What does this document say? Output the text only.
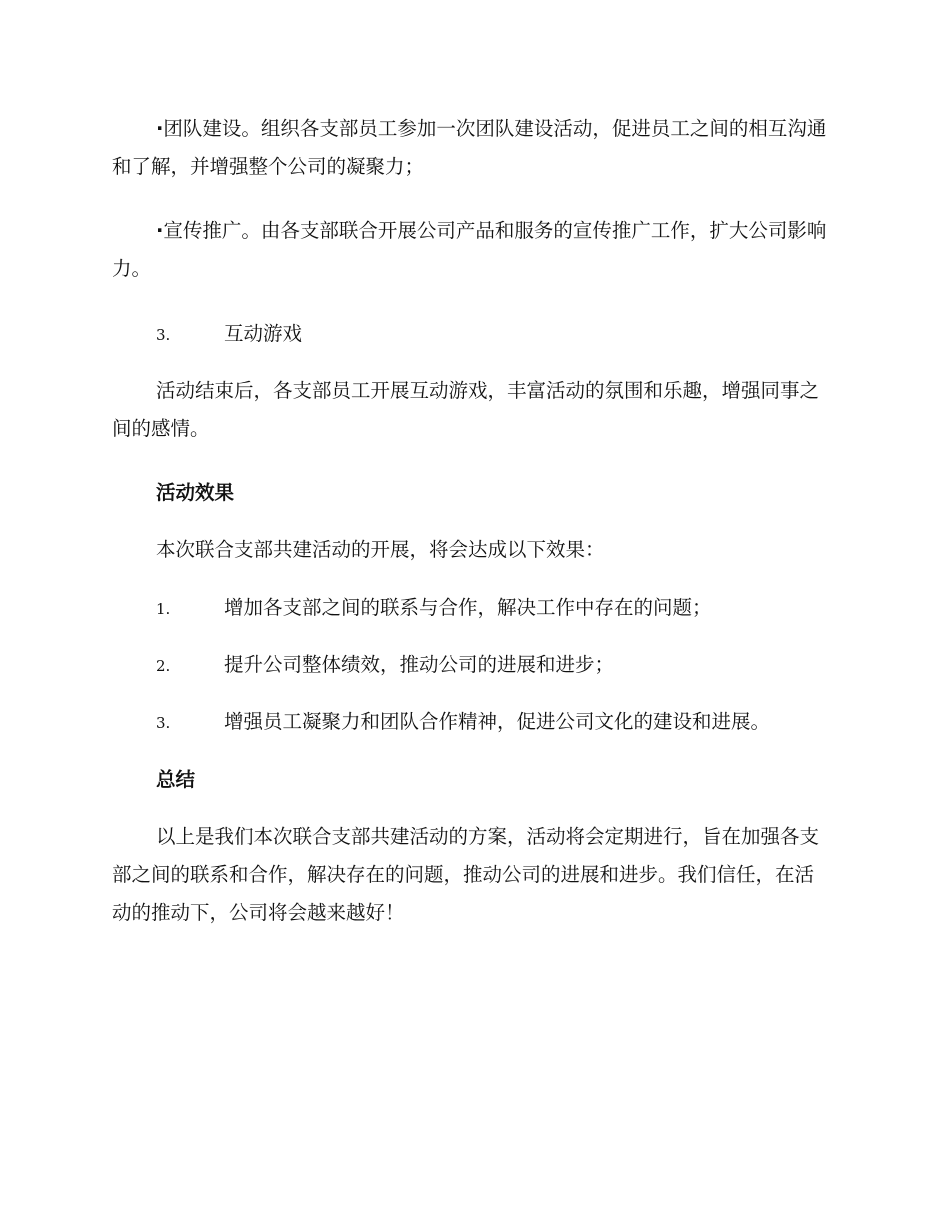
·团队建设。组织各支部员工参加一次团队建设活动，促进员工之间的相互沟通和了解，并增强整个公司的凝聚力；

·宣传推广。由各支部联合开展公司产品和服务的宣传推广工作，扩大公司影响力。

3.	互动游戏

活动结束后，各支部员工开展互动游戏，丰富活动的氛围和乐趣，增强同事之间的感情。

活动效果

本次联合支部共建活动的开展，将会达成以下效果：

1.	增加各支部之间的联系与合作，解决工作中存在的问题；
2.	提升公司整体绩效，推动公司的进展和进步；
3.	增强员工凝聚力和团队合作精神，促进公司文化的建设和进展。
总结

以上是我们本次联合支部共建活动的方案，活动将会定期进行，旨在加强各支部之间的联系和合作，解决存在的问题，推动公司的进展和进步。我们信任，在活动的推动下，公司将会越来越好！
